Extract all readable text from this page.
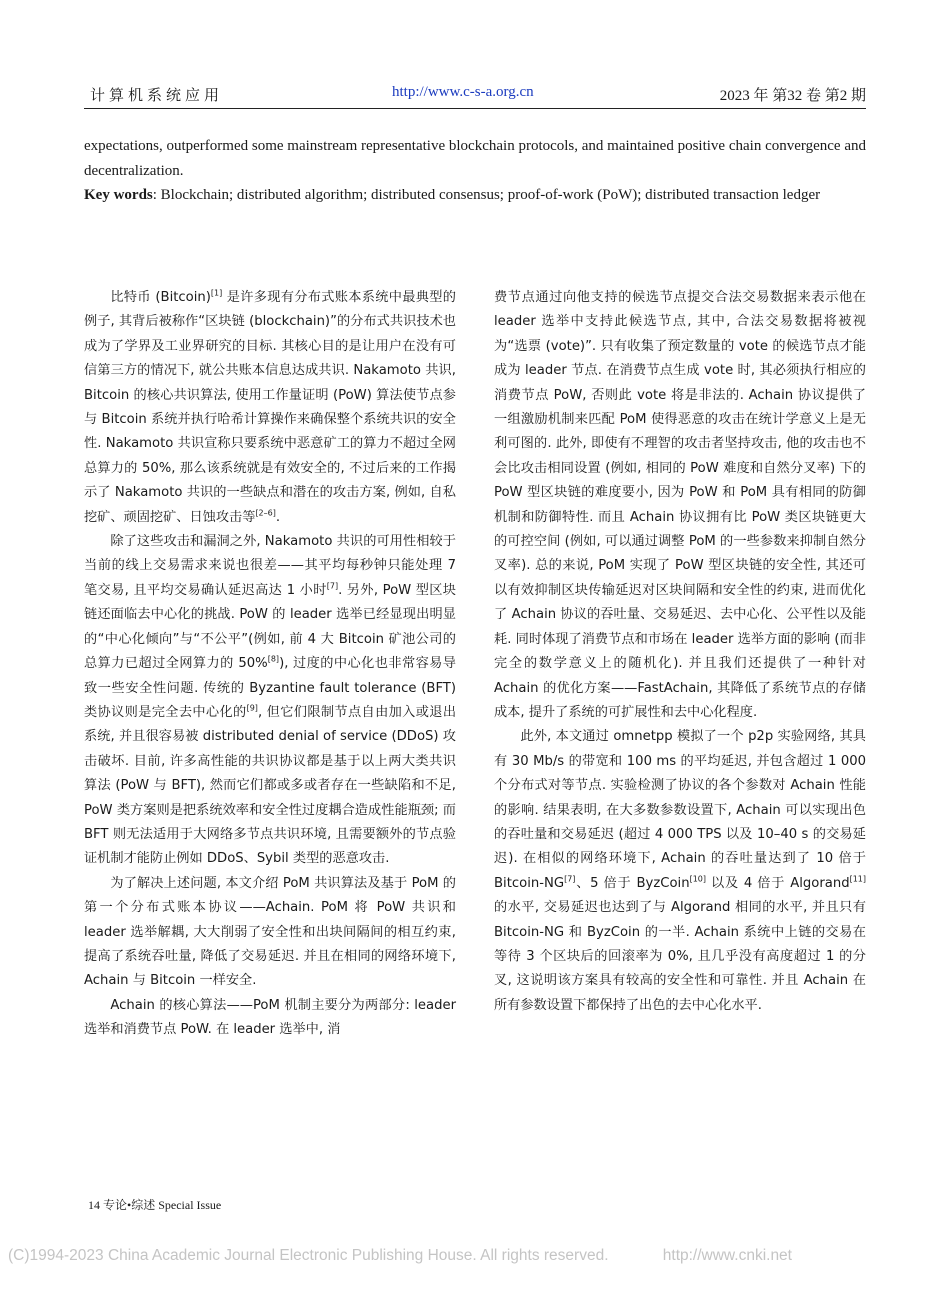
计算机系统应用	http://www.c-s-a.org.cn	2023 年 第32 卷 第2 期

expectations, outperformed some mainstream representative blockchain protocols, and maintained positive chain convergence and decentralization.

Key words: Blockchain; distributed algorithm; distributed consensus; proof-of-work (PoW); distributed transaction ledger

比特币 (Bitcoin)[1] 是许多现有分布式账本系统中最典型的例子, 其背后被称作“区块链 (blockchain)”的分布式共识技术也成为了学界及工业界研究的目标. 其核心目的是让用户在没有可信第三方的情况下, 就公共账本信息达成共识. Nakamoto 共识, Bitcoin 的核心共识算法, 使用工作量证明 (PoW) 算法使节点参与 Bitcoin 系统并执行哈希计算操作来确保整个系统共识的安全性. Nakamoto 共识宣称只要系统中恶意矿工的算力不超过全网总算力的 50%, 那么该系统就是有效安全的, 不过后来的工作揭示了 Nakamoto 共识的一些缺点和潜在的攻击方案, 例如, 自私挖矿、顽固挖矿、日蚀攻击等[2–6].

除了这些攻击和漏洞之外, Nakamoto 共识的可用性相较于当前的线上交易需求来说也很差——其平均每秒钟只能处理 7 笔交易, 且平均交易确认延迟高达 1 小时[7]. 另外, PoW 型区块链还面临去中心化的挑战. PoW 的 leader 选举已经显现出明显的“中心化倾向”与“不公平”(例如, 前 4 大 Bitcoin 矿池公司的总算力已超过全网算力的 50%[8]), 过度的中心化也非常容易导致一些安全性问题. 传统的 Byzantine fault tolerance (BFT) 类协议则是完全去中心化的[9], 但它们限制节点自由加入或退出系统, 并且很容易被 distributed denial of service (DDoS) 攻击破坏. 目前, 许多高性能的共识协议都是基于以上两大类共识算法 (PoW 与 BFT), 然而它们都或多或者存在一些缺陷和不足, PoW 类方案则是把系统效率和安全性过度耦合造成性能瓶颈; 而 BFT 则无法适用于大网络多节点共识环境, 且需要额外的节点验证机制才能防止例如 DDoS、Sybil 类型的恶意攻击.

为了解决上述问题, 本文介绍 PoM 共识算法及基于 PoM 的第一个分布式账本协议——Achain. PoM 将 PoW 共识和 leader 选举解耦, 大大削弱了安全性和出块间隔间的相互约束, 提高了系统吞吐量, 降低了交易延迟. 并且在相同的网络环境下, Achain 与 Bitcoin 一样安全.

Achain 的核心算法——PoM 机制主要分为两部分: leader 选举和消费节点 PoW. 在 leader 选举中, 消

费节点通过向他支持的候选节点提交合法交易数据来表示他在 leader 选举中支持此候选节点, 其中, 合法交易数据将被视为“选票 (vote)”. 只有收集了预定数量的 vote 的候选节点才能成为 leader 节点. 在消费节点生成 vote 时, 其必须执行相应的消费节点 PoW, 否则此 vote 将是非法的. Achain 协议提供了一组激励机制来匹配 PoM 使得恶意的攻击在统计学意义上是无利可图的. 此外, 即使有不理智的攻击者坚持攻击, 他的攻击也不会比攻击相同设置 (例如, 相同的 PoW 难度和自然分叉率) 下的 PoW 型区块链的难度要小, 因为 PoW 和 PoM 具有相同的防御机制和防御特性. 而且 Achain 协议拥有比 PoW 类区块链更大的可控空间 (例如, 可以通过调整 PoM 的一些参数来抑制自然分叉率). 总的来说, PoM 实现了 PoW 型区块链的安全性, 其还可以有效抑制区块传输延迟对区块间隔和安全性的约束, 进而优化了 Achain 协议的吞吐量、交易延迟、去中心化、公平性以及能耗. 同时体现了消费节点和市场在 leader 选举方面的影响 (而非完全的数学意义上的随机化). 并且我们还提供了一种针对 Achain 的优化方案——FastAchain, 其降低了系统节点的存储成本, 提升了系统的可扩展性和去中心化程度.

此外, 本文通过 omnetpp 模拟了一个 p2p 实验网络, 其具有 30 Mb/s 的带宽和 100 ms 的平均延迟, 并包含超过 1 000 个分布式对等节点. 实验检测了协议的各个参数对 Achain 性能的影响. 结果表明, 在大多数参数设置下, Achain 可以实现出色的吞吐量和交易延迟 (超过 4 000 TPS 以及 10–40 s 的交易延迟). 在相似的网络环境下, Achain 的吞吐量达到了 10 倍于 Bitcoin-NG[7]、5 倍于 ByzCoin[10] 以及 4 倍于 Algorand[11] 的水平, 交易延迟也达到了与 Algorand 相同的水平, 并且只有 Bitcoin-NG 和 ByzCoin 的一半. Achain 系统中上链的交易在等待 3 个区块后的回滚率为 0%, 且几乎没有高度超过 1 的分叉, 这说明该方案具有较高的安全性和可靠性. 并且 Achain 在所有参数设置下都保持了出色的去中心化水平.

14 专论•综述 Special Issue
(C)1994-2023 China Academic Journal Electronic Publishing House. All rights reserved.	http://www.cnki.net
